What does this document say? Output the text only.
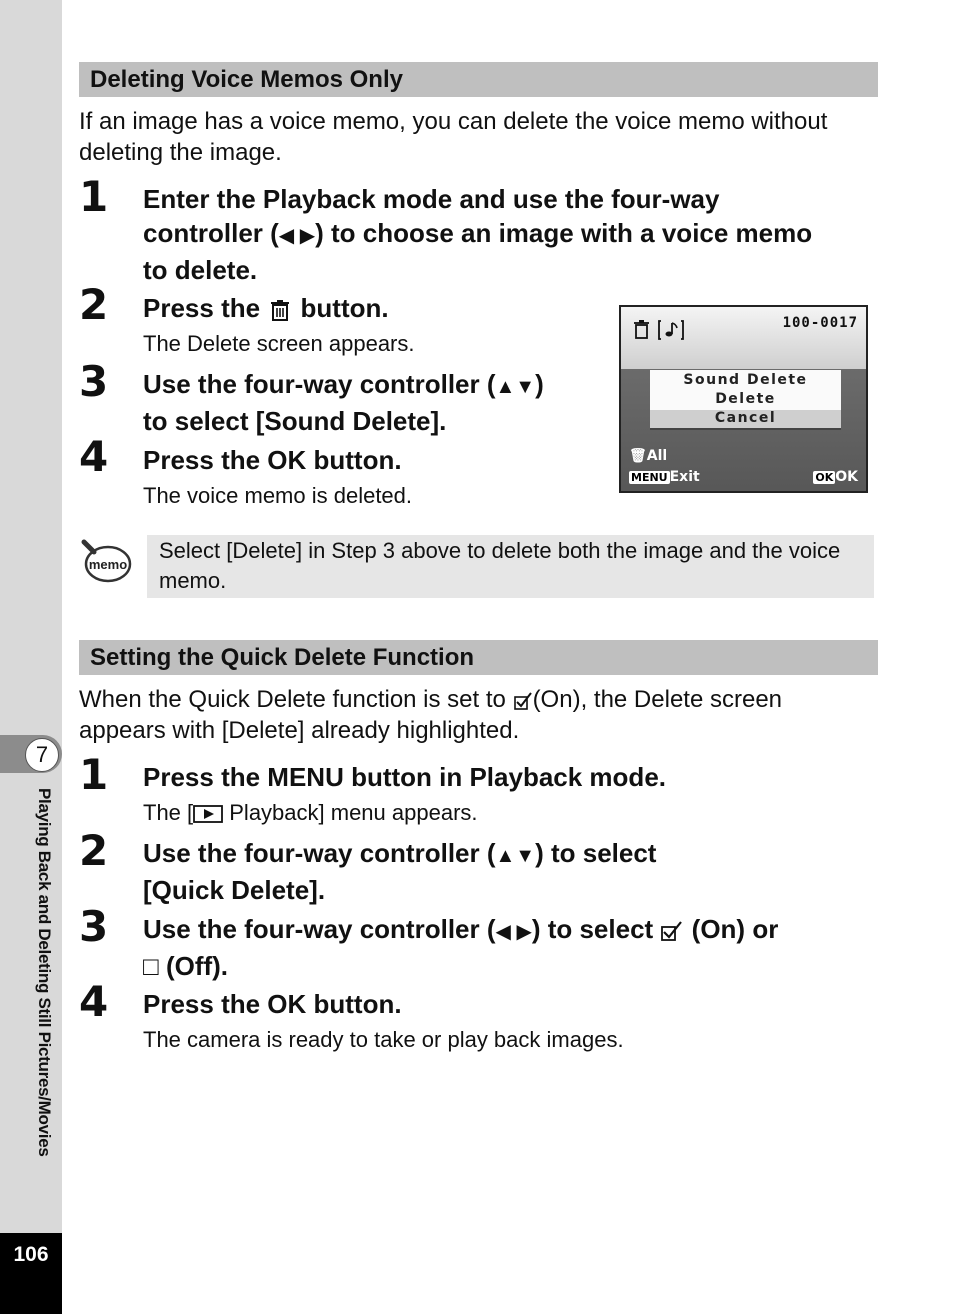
7
Playing Back and Deleting Still Pictures/Movies
106
Deleting Voice Memos Only
If an image has a voice memo, you can delete the voice memo without deleting the image.
1 Enter the Playback mode and use the four-way
controller (◀ ▶) to choose an image with a voice memo
to delete.
2 Press the button.
The Delete screen appears.
3 Use the four-way controller (▲▼)
to select [Sound Delete].
4 Press the OK button.
The voice memo is deleted.
100-0017
Sound Delete
Delete
Cancel
🗑All
MENU Exit	OK OK
memo
Select [Delete] in Step 3 above to delete both the image and the voice memo.
Setting the Quick Delete Function
When the Quick Delete function is set to (On), the Delete screen
appears with [Delete] already highlighted.
1 Press the MENU button in Playback mode.
The [ Playback] menu appears.
2 Use the four-way controller (▲▼) to select
[Quick Delete].
3 Use the four-way controller (◀ ▶) to select (On) or
□ (Off).
4 Press the OK button.
The camera is ready to take or play back images.
